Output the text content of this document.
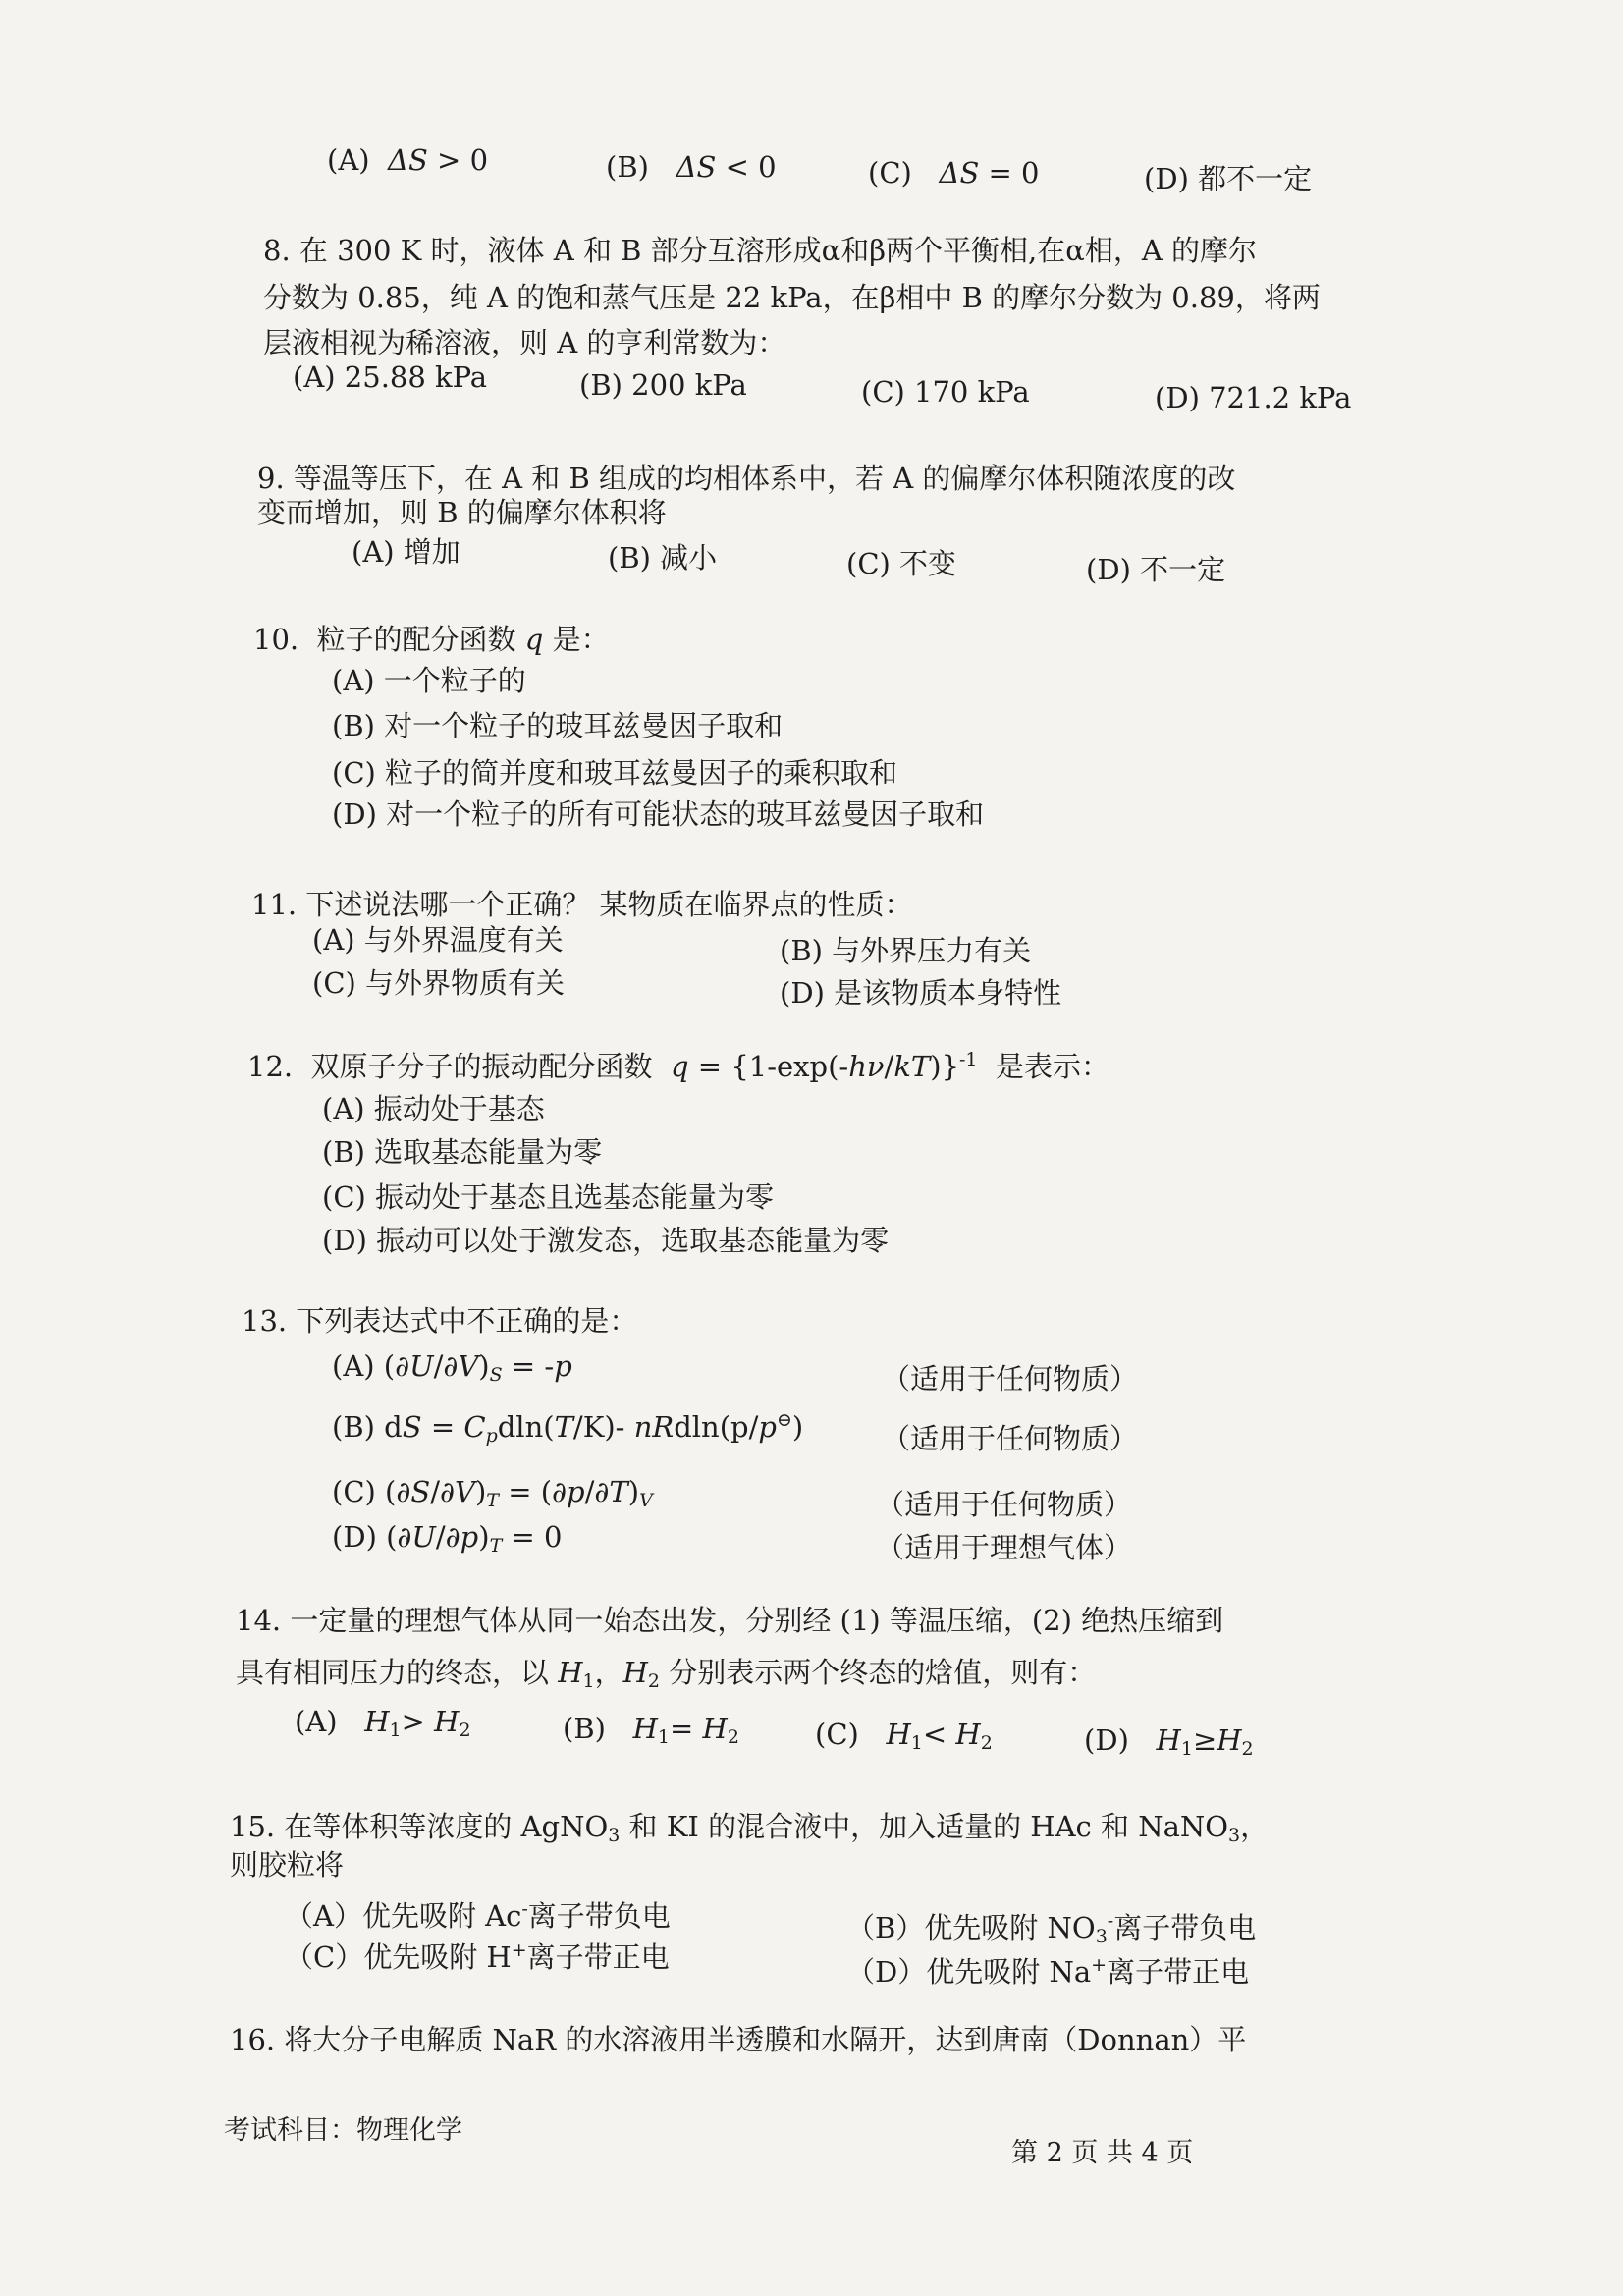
(A)  ΔS > 0	(B)   ΔS < 0	(C)   ΔS = 0	(D) 都不一定
8. 在 300 K 时，液体 A 和 B 部分互溶形成α和β两个平衡相,在α相，A 的摩尔
分数为 0.85，纯 A 的饱和蒸气压是 22 kPa，在β相中 B 的摩尔分数为 0.89，将两
层液相视为稀溶液，则 A 的亨利常数为：
(A) 25.88 kPa	(B) 200 kPa	(C) 170 kPa	(D) 721.2 kPa
9. 等温等压下，在 A 和 B 组成的均相体系中，若 A 的偏摩尔体积随浓度的改
变而增加，则 B 的偏摩尔体积将
(A) 增加	(B) 减小	(C) 不变	(D) 不一定
10.  粒子的配分函数 q 是：
(A) 一个粒子的
(B) 对一个粒子的玻耳兹曼因子取和
(C) 粒子的简并度和玻耳兹曼因子的乘积取和
(D) 对一个粒子的所有可能状态的玻耳兹曼因子取和
11. 下述说法哪一个正确？ 某物质在临界点的性质：
(A) 与外界温度有关	(B) 与外界压力有关
(C) 与外界物质有关	(D) 是该物质本身特性
12.  双原子分子的振动配分函数  $q = \{1-\exp(-h\nu/kT)\}^{-1}$  是表示：
(A) 振动处于基态
(B) 选取基态能量为零
(C) 振动处于基态且选基态能量为零
(D) 振动可以处于激发态，选取基态能量为零
13. 下列表达式中不正确的是：
(A) $(\partial U/\partial V)_S = -p$	（适用于任何物质）
(B) dS = $C_pdln(T/K)-$ nRdln(p/p⊖)	（适用于任何物质）
(C) $(\partial S/\partial V)_T = (\partial p/\partial T)_V$	（适用于任何物质）
(D) $(\partial U/\partial p)_T = 0$	（适用于理想气体）
14. 一定量的理想气体从同一始态出发，分别经 (1) 等温压缩，(2) 绝热压缩到
具有相同压力的终态，以 $H_1$，$H_2$ 分别表示两个终态的焓值，则有：
(A)   $H_1> H_2$	(B)   $H_1= H_2$	(C)   $H_1< H_2$	(D)   $H_1\ge H_2$
15. 在等体积等浓度的 AgNO$_3$ 和 KI 的混合液中，加入适量的 HAc 和 NaNO$_3$，
则胶粒将
（A）优先吸附 Ac-离子带负电	（B）优先吸附 $NO_3^-$离子带负电
（C）优先吸附 H+离子带正电	（D）优先吸附 Na+离子带正电
16. 将大分子电解质 NaR 的水溶液用半透膜和水隔开，达到唐南（Donnan）平
考试科目：物理化学
第 2 页 共 4 页
